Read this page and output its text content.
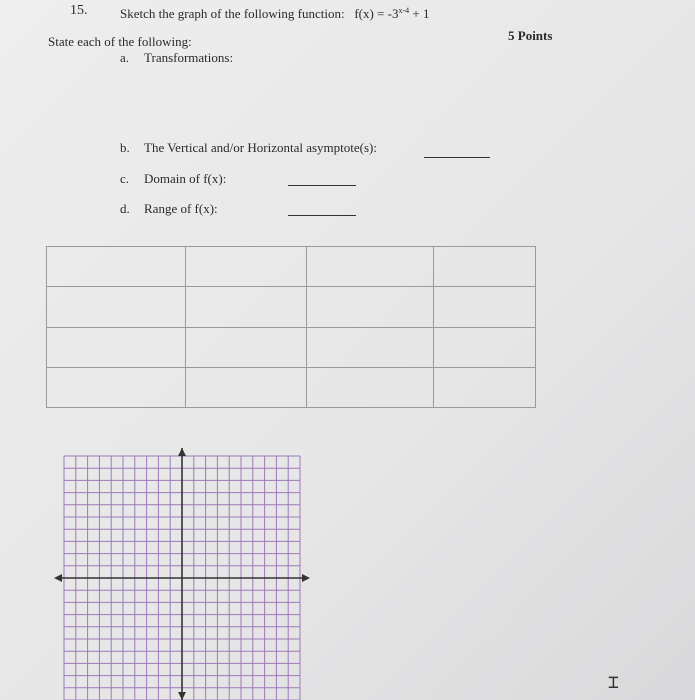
15.	Sketch the graph of the following function: $f(x) = -3^{x-4} + 1$
5 Points
State each of the following:
a. Transformations:
b. The Vertical and/or Horizontal asymptote(s):
c. Domain of f(x):
d. Range of f(x):

⌶
